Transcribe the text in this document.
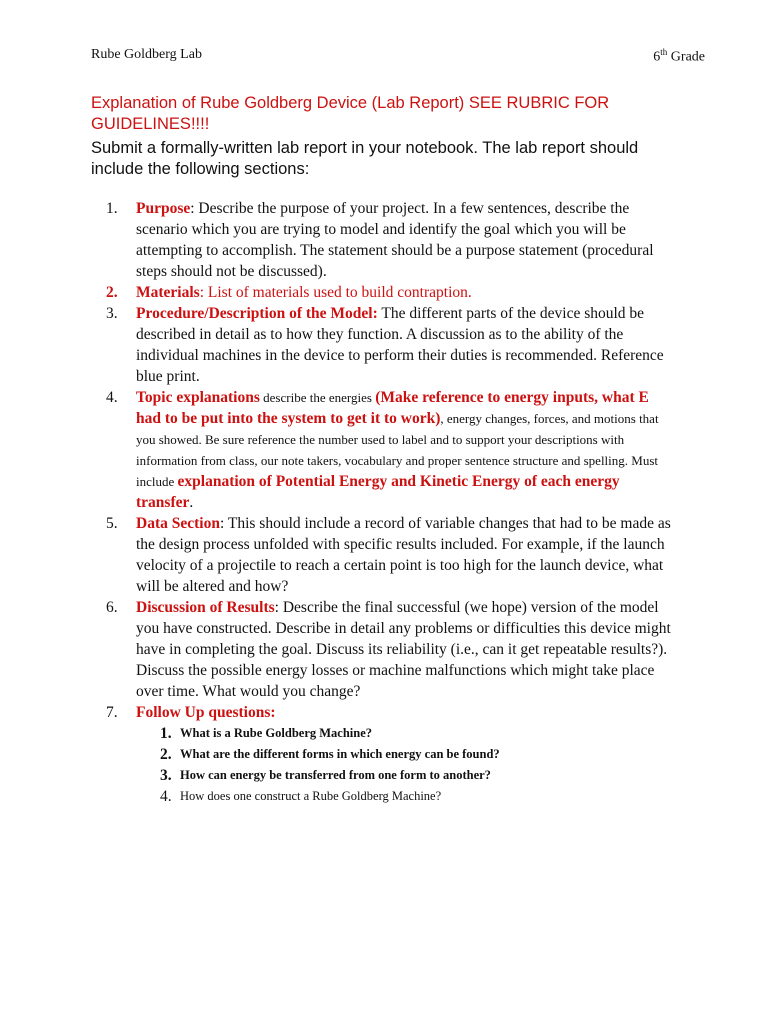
Rube Goldberg Lab	6th Grade
Explanation of Rube Goldberg Device (Lab Report) SEE RUBRIC FOR GUIDELINES!!!!
Submit a formally-written lab report in your notebook. The lab report should include the following sections:
1.	Purpose: Describe the purpose of your project. In a few sentences, describe the scenario which you are trying to model and identify the goal which you will be attempting to accomplish. The statement should be a purpose statement (procedural steps should not be discussed).
2.	Materials: List of materials used to build contraption.
3.	Procedure/Description of the Model: The different parts of the device should be described in detail as to how they function. A discussion as to the ability of the individual machines in the device to perform their duties is recommended. Reference blue print.
4.	Topic explanations describe the energies (Make reference to energy inputs, what E had to be put into the system to get it to work), energy changes, forces, and motions that you showed. Be sure reference the number used to label and to support your descriptions with information from class, our note takers, vocabulary and proper sentence structure and spelling. Must include explanation of Potential Energy and Kinetic Energy of each energy transfer.
5.	Data Section: This should include a record of variable changes that had to be made as the design process unfolded with specific results included. For example, if the launch velocity of a projectile to reach a certain point is too high for the launch device, what will be altered and how?
6.	Discussion of Results: Describe the final successful (we hope) version of the model you have constructed. Describe in detail any problems or difficulties this device might have in completing the goal. Discuss its reliability (i.e., can it get repeatable results?). Discuss the possible energy losses or machine malfunctions which might take place over time. What would you change?
7.	Follow Up questions:
1. What is a Rube Goldberg Machine?
2. What are the different forms in which energy can be found?
3. How can energy be transferred from one form to another?
4. How does one construct a Rube Goldberg Machine?
